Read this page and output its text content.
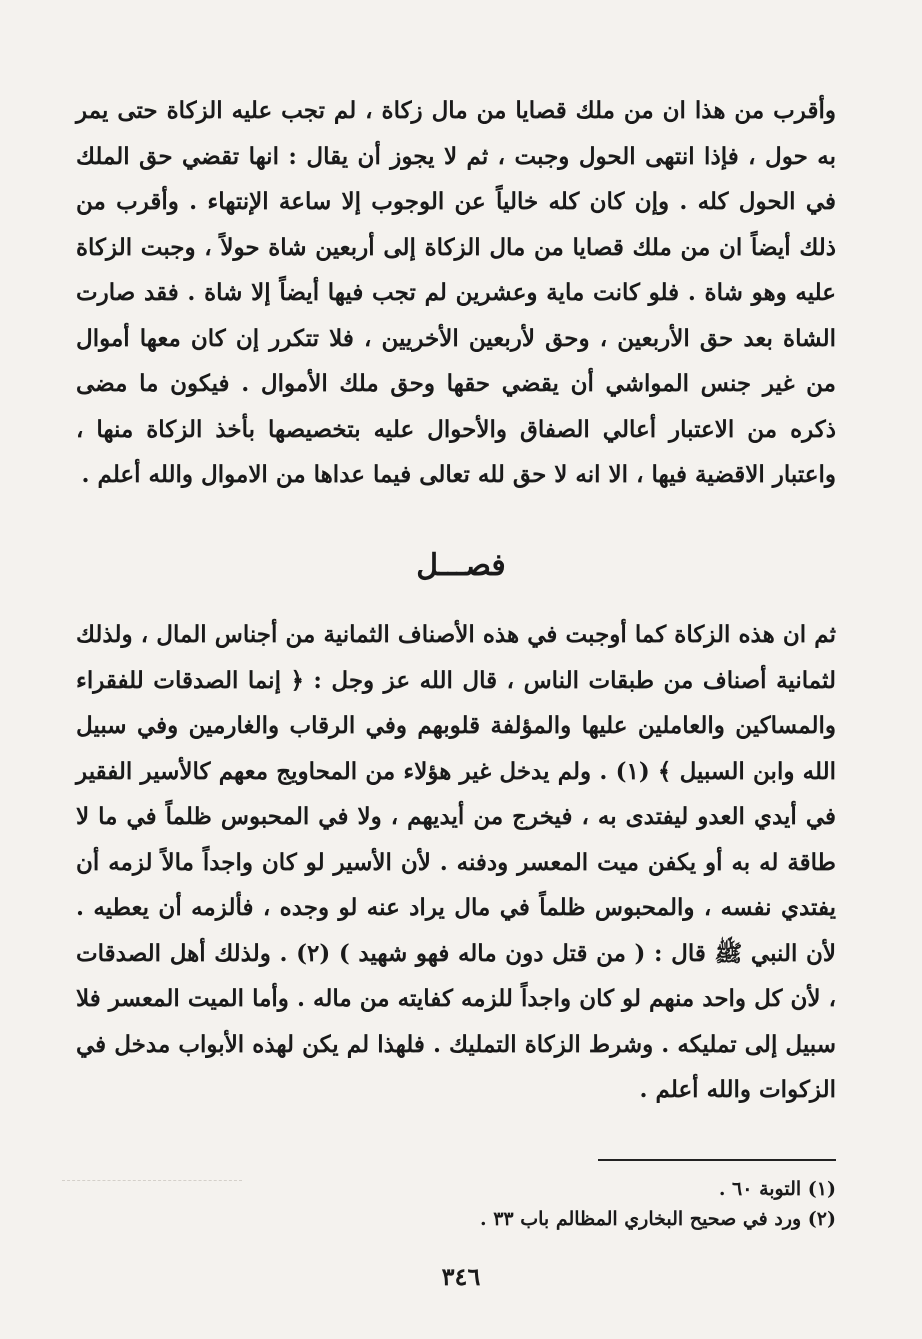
وأقرب من هذا ان من ملك قصايا من مال زكاة ، لم تجب عليه الزكاة حتى يمر به حول ، فإذا انتهى الحول وجبت ، ثم لا يجوز أن يقال : انها تقضي حق الملك في الحول كله . وإن كان كله خالياً عن الوجوب إلا ساعة الإنتهاء . وأقرب من ذلك أيضاً ان من ملك قصايا من مال الزكاة إلى أربعين شاة حولاً ، وجبت الزكاة عليه وهو شاة . فلو كانت ماية وعشرين لم تجب فيها أيضاً إلا شاة . فقد صارت الشاة بعد حق الأربعين ، وحق لأربعين الأخريين ، فلا تتكرر إن كان معها أموال من غير جنس المواشي أن يقضي حقها وحق ملك الأموال . فيكون ما مضى ذكره من الاعتبار أعالي الصفاق والأحوال عليه بتخصيصها بأخذ الزكاة منها ، واعتبار الاقضية فيها ، الا انه لا حق لله تعالى فيما عداها من الاموال والله أعلم .

فصـــل

ثم ان هذه الزكاة كما أوجبت في هذه الأصناف الثمانية من أجناس المال ، ولذلك لثمانية أصناف من طبقات الناس ، قال الله عز وجل : ﴿ إنما الصدقات للفقراء والمساكين والعاملين عليها والمؤلفة قلوبهم وفي الرقاب والغارمين وفي سبيل الله وابن السبيل ﴾ (١) . ولم يدخل غير هؤلاء من المحاويج معهم كالأسير الفقير في أيدي العدو ليفتدى به ، فيخرج من أيديهم ، ولا في المحبوس ظلماً في ما لا طاقة له به أو يكفن ميت المعسر ودفنه . لأن الأسير لو كان واجداً مالاً لزمه أن يفتدي نفسه ، والمحبوس ظلماً في مال يراد عنه لو وجده ، فألزمه أن يعطيه . لأن النبي ﷺ قال : ( من قتل دون ماله فهو شهيد ) (٢) . ولذلك أهل الصدقات ، لأن كل واحد منهم لو كان واجداً للزمه كفايته من ماله . وأما الميت المعسر فلا سبيل إلى تمليكه . وشرط الزكاة التمليك . فلهذا لم يكن لهذه الأبواب مدخل في الزكوات والله أعلم .

(١) التوبة ٦٠ .

(٢) ورد في صحيح البخاري المظالم باب ٣٣ .

٣٤٦
